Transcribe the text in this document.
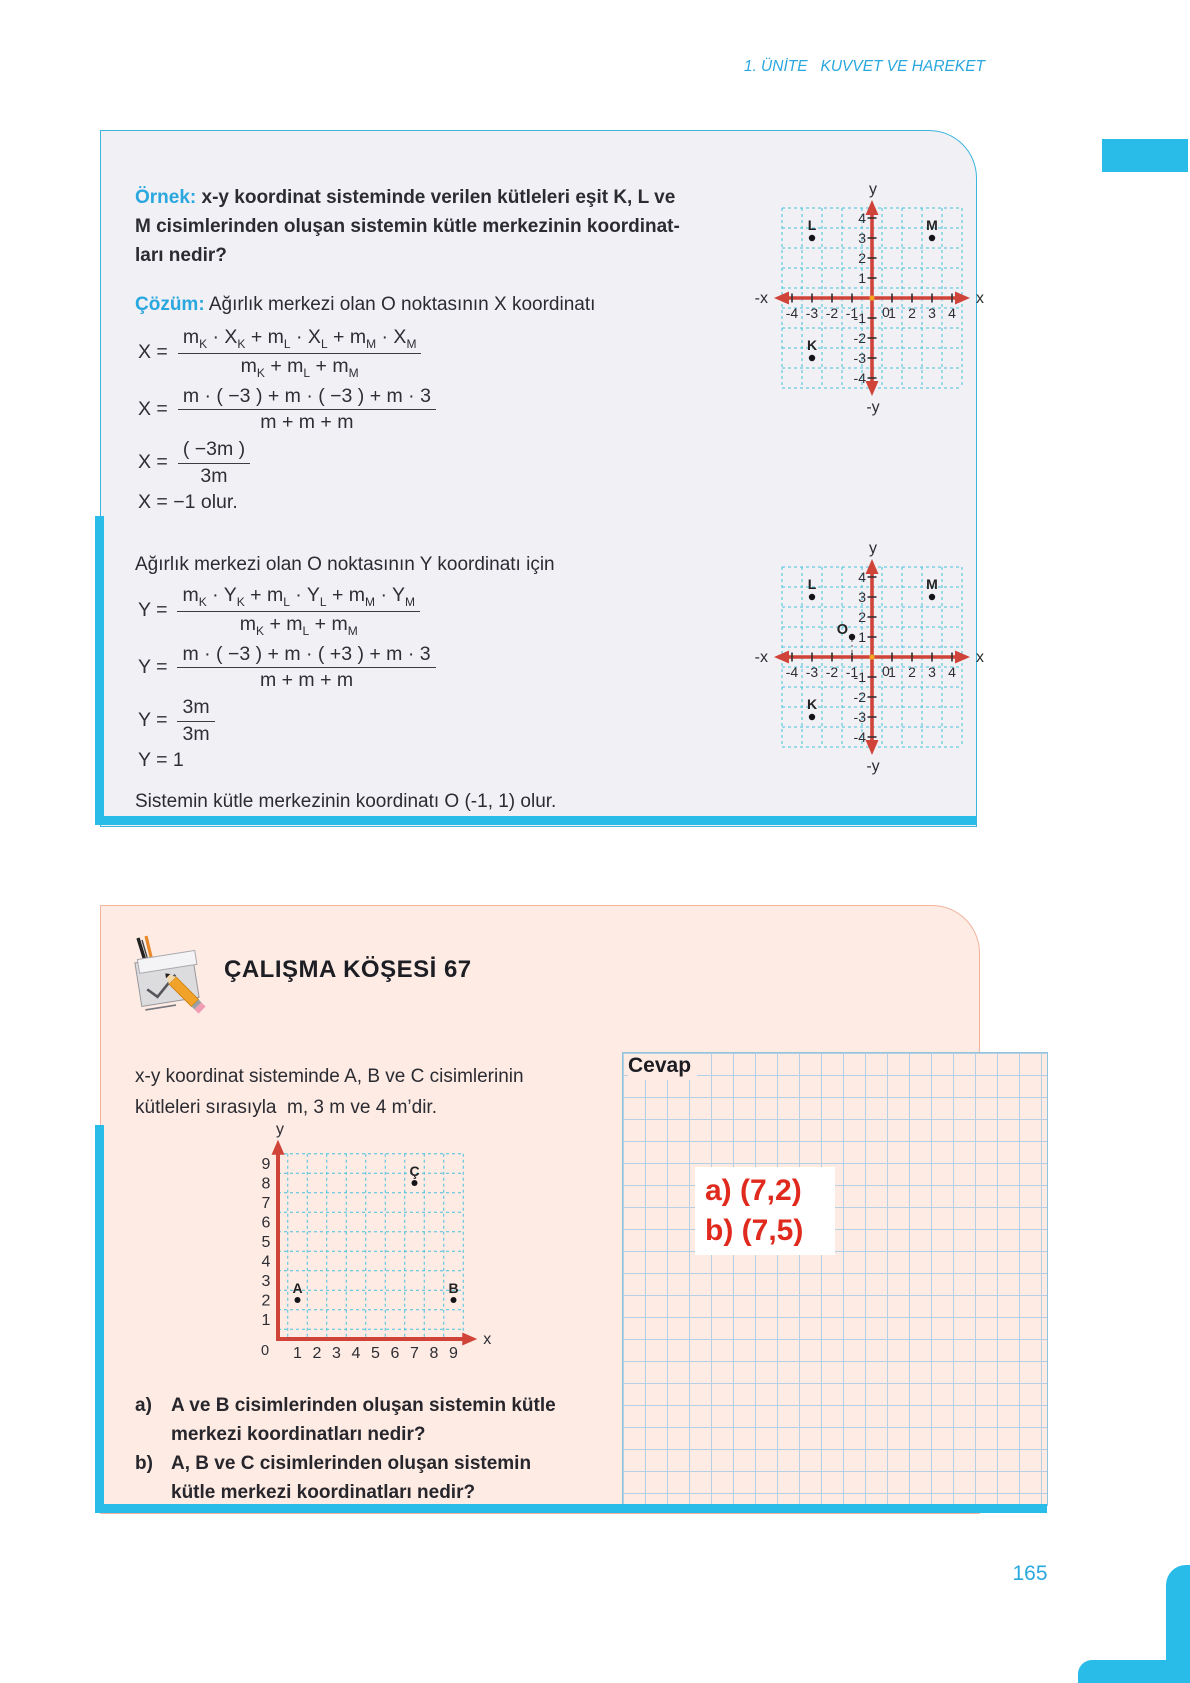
1. ÜNİTE   KUVVET VE HAREKET

Örnek: x-y koordinat sisteminde verilen kütleleri eşit K, L ve
M cisimlerinden oluşan sistemin kütle merkezinin koordinat-
ları nedir?

Çözüm: Ağırlık merkezi olan O noktasının X koordinatı

$X = \frac{m_K \cdot X_K + m_L \cdot X_L + m_M \cdot X_M}{m_K + m_L + m_M}$
$X = \frac{m \cdot ( -3 ) + m \cdot ( -3 ) + m \cdot 3}{m + m + m}$
$X = \frac{( -3m )}{3m}$
X = −1 olur.

Ağırlık merkezi olan O noktasının Y koordinatı için

$Y = \frac{m_K \cdot Y_K + m_L \cdot Y_L + m_M \cdot Y_M}{m_K + m_L + m_M}$
$Y = \frac{m \cdot ( -3 ) + m \cdot ( +3 ) + m \cdot 3}{m + m + m}$
$Y = \frac{3m}{3m}$
Y = 1

Sistemin kütle merkezinin koordinatı O (-1, 1) olur.

-4 -3 -2 -1 1 2 3 4
4
3
2
1
-1
-2
-3
-4
0
y
-y
-x	x
L	M
K
-4 -3 -2 -1 1 2 3 4
4
3
2
1
-1
-2
-3
-4
0
y
-y
-x	x
L	M
K
O
ÇALIŞMA KÖŞESİ 67

x-y koordinat sisteminde A, B ve C cisimlerinin
kütleleri sırasıyla  m, 3 m ve 4 m’dir.

1
2
3
4
5
6
7
8
9
1 2 3 4 5 6 7 8 9
0
y
x
Ç
A	B
a)	A ve B cisimlerinden oluşan sistemin kütle
merkezi koordinatları nedir?
b) A, B ve C cisimlerinden oluşan sistemin
kütle merkezi koordinatları nedir?
Cevap
a) (7,2)
b) (7,5)
165
